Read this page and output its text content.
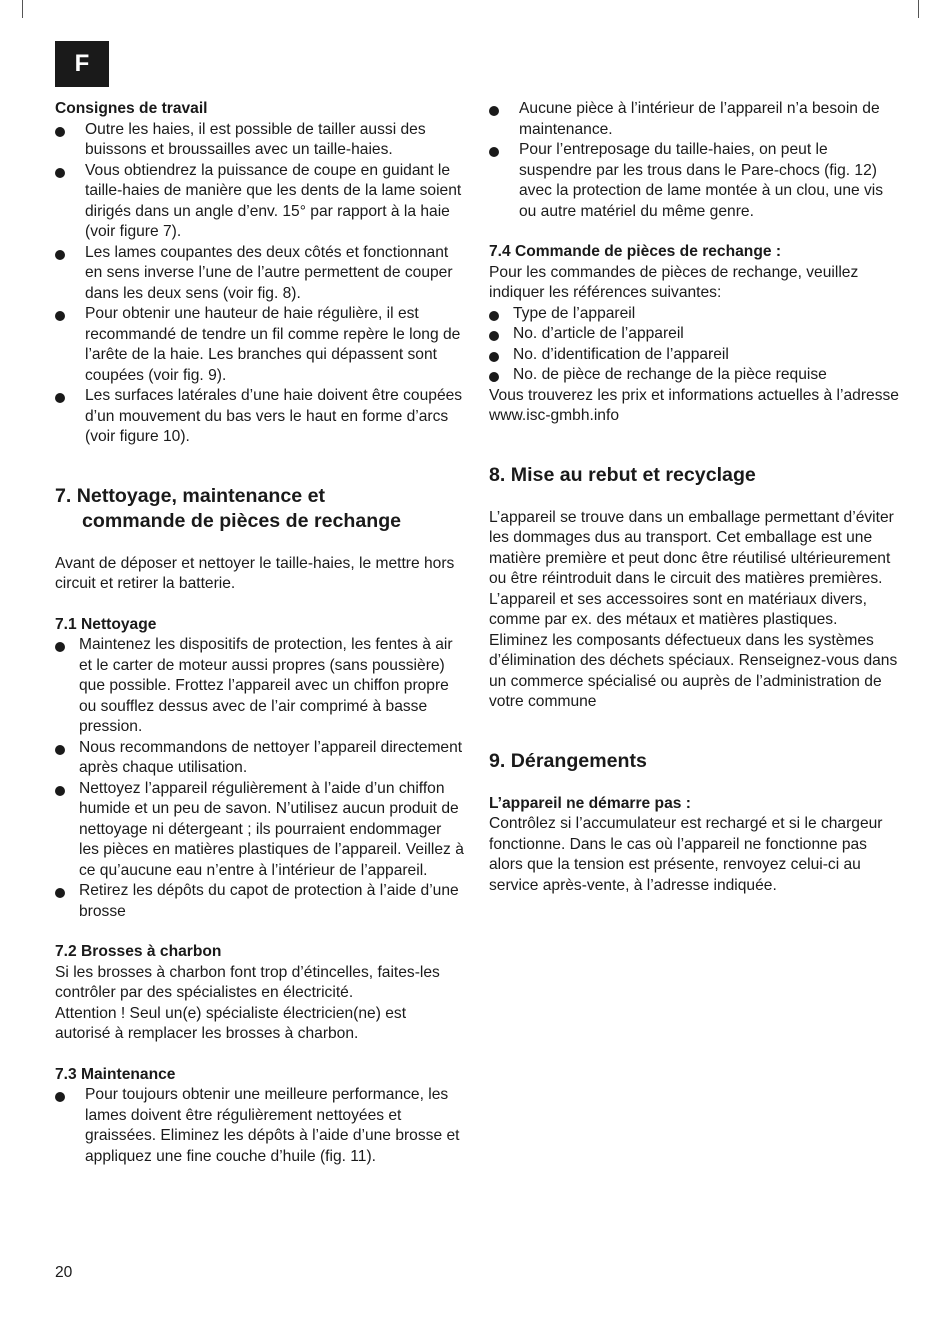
F

Consignes de travail

Outre les haies, il est possible de tailler aussi des buissons et broussailles avec un taille-haies.
Vous obtiendrez la puissance de coupe en guidant le taille-haies de manière que les dents de la lame soient dirigés dans un angle d’env. 15° par rapport à la haie (voir figure 7).
Les lames coupantes des deux côtés et fonctionnant en sens inverse l’une de l’autre permettent de couper dans les deux sens (voir fig. 8).
Pour obtenir une hauteur de haie régulière, il est recommandé de tendre un fil comme repère le long de l’arête de la haie. Les branches qui dépassent sont coupées (voir fig. 9).
Les surfaces latérales d’une haie doivent être coupées d’un mouvement du bas vers le haut en forme d’arcs (voir figure 10).
7. Nettoyage, maintenance et
commande de pièces de rechange

Avant de déposer et nettoyer le taille-haies, le mettre hors circuit et retirer la batterie.

7.1 Nettoyage

Maintenez les dispositifs de protection, les fentes à air et le carter de moteur aussi propres (sans poussière) que possible. Frottez l’appareil avec un chiffon propre ou soufflez dessus avec de l’air comprimé à basse pression.
Nous recommandons de nettoyer l’appareil directement après chaque utilisation.
Nettoyez l’appareil régulièrement à l’aide d’un chiffon humide et un peu de savon. N’utilisez aucun produit de nettoyage ni détergeant ; ils pourraient endommager les pièces en matières plastiques de l’appareil. Veillez à ce qu’aucune eau n’entre à l’intérieur de l’appareil.
Retirez les dépôts du capot de protection à l’aide d’une brosse

7.2 Brosses à charbon

Si les brosses à charbon font trop d’étincelles, faites-les contrôler par des spécialistes en électricité.

Attention ! Seul un(e) spécialiste électricien(ne) est autorisé à remplacer les brosses à charbon.

7.3 Maintenance

Pour toujours obtenir une meilleure performance, les lames doivent être régulièrement nettoyées et graissées. Eliminez les dépôts à l’aide d’une brosse et appliquez une fine couche d’huile (fig. 11).
Aucune pièce à l’intérieur de l’appareil n’a besoin de maintenance.
Pour l’entreposage du taille-haies, on peut le suspendre par les trous dans le Pare-chocs (fig. 12) avec la protection de lame montée à un clou, une vis ou autre matériel du même genre.

7.4 Commande de pièces de rechange :

Pour les commandes de pièces de rechange, veuillez indiquer les références suivantes:

Type de l’appareil
No. d’article de l’appareil
No. d’identification de l’appareil
No. de pièce de rechange de la pièce requise

Vous trouverez les prix et informations actuelles à l’adresse www.isc-gmbh.info

8. Mise au rebut et recyclage

L’appareil se trouve dans un emballage permettant d’éviter les dommages dus au transport. Cet emballage est une matière première et peut donc être réutilisé ultérieurement ou être réintroduit dans le circuit des matières premières.

L’appareil et ses accessoires sont en matériaux divers, comme par ex. des métaux et matières plastiques. Eliminez les composants défectueux dans les systèmes d’élimination des déchets spéciaux. Renseignez-vous dans un commerce spécialisé ou auprès de l’administration de votre commune

9. Dérangements

L’appareil ne démarre pas :

Contrôlez si l’accumulateur est rechargé et si le chargeur fonctionne. Dans le cas où l’appareil ne fonctionne pas alors que la tension est présente, renvoyez celui-ci au service après-vente, à l’adresse indiquée.

20
